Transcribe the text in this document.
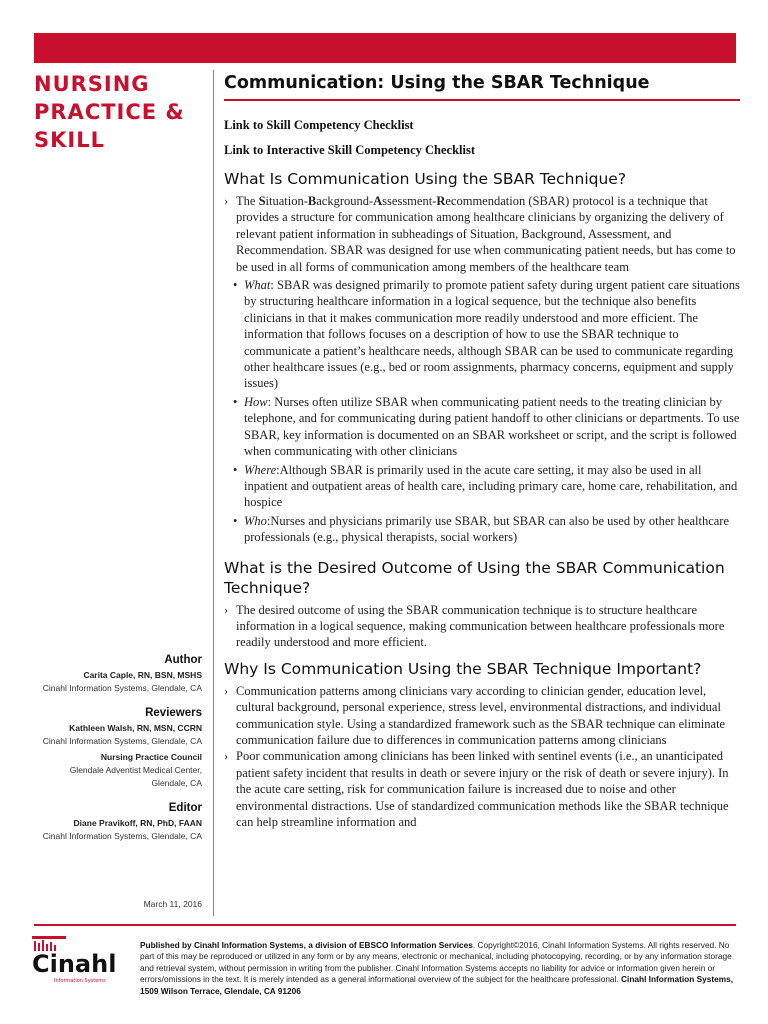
NURSING
PRACTICE &
SKILL
Communication: Using the SBAR Technique
Link to Skill Competency Checklist
Link to Interactive Skill Competency Checklist
What Is Communication Using the SBAR Technique?

› The Situation-Background-Assessment-Recommendation (SBAR) protocol is a technique that provides a structure for communication among healthcare clinicians by organizing the delivery of relevant patient information in subheadings of Situation, Background, Assessment, and Recommendation. SBAR was designed for use when communicating patient needs, but has come to be used in all forms of communication among members of the healthcare team

• What: SBAR was designed primarily to promote patient safety during urgent patient care situations by structuring healthcare information in a logical sequence, but the technique also benefits clinicians in that it makes communication more readily understood and more efficient. The information that follows focuses on a description of how to use the SBAR technique to communicate a patient’s healthcare needs, although SBAR can be used to communicate regarding other healthcare issues (e.g., bed or room assignments, pharmacy concerns, equipment and supply issues)

• How: Nurses often utilize SBAR when communicating patient needs to the treating clinician by telephone, and for communicating during patient handoff to other clinicians or departments. To use SBAR, key information is documented on an SBAR worksheet or script, and the script is followed when communicating with other clinicians

• Where:Although SBAR is primarily used in the acute care setting, it may also be used in all inpatient and outpatient areas of health care, including primary care, home care, rehabilitation, and hospice

• Who:Nurses and physicians primarily use SBAR, but SBAR can also be used by other healthcare professionals (e.g., physical therapists, social workers)

What is the Desired Outcome of Using the SBAR Communication Technique?

› The desired outcome of using the SBAR communication technique is to structure healthcare information in a logical sequence, making communication between healthcare professionals more readily understood and more efficient.

Why Is Communication Using the SBAR Technique Important?

› Communication patterns among clinicians vary according to clinician gender, education level, cultural background, personal experience, stress level, environmental distractions, and individual communication style. Using a standardized framework such as the SBAR technique can eliminate communication failure due to differences in communication patterns among clinicians

› Poor communication among clinicians has been linked with sentinel events (i.e., an unanticipated patient safety incident that results in death or severe injury or the risk of death or severe injury). In the acute care setting, risk for communication failure is increased due to noise and other environmental distractions. Use of standardized communication methods like the SBAR technique can help streamline information and

Author
Carita Caple, RN, BSN, MSHS
Cinahl Information Systems, Glendale, CA
Reviewers
Kathleen Walsh, RN, MSN, CCRN
Cinahl Information Systems, Glendale, CA
Nursing Practice Council
Glendale Adventist Medical Center,
Glendale, CA
Editor
Diane Pravikoff, RN, PhD, FAAN
Cinahl Information Systems, Glendale, CA
March 11, 2016
Cinahl
Information Systems
Published by Cinahl Information Systems, a division of EBSCO Information Services. Copyright©2016, Cinahl Information Systems. All rights reserved. No part of this may be reproduced or utilized in any form or by any means, electronic or mechanical, including photocopying, recording, or by any information storage and retrieval system, without permission in writing from the publisher. Cinahl Information Systems accepts no liability for advice or information given herein or errors/omissions in the text. It is merely intended as a general informational overview of the subject for the healthcare professional. Cinahl Information Systems, 1509 Wilson Terrace, Glendale, CA 91206
